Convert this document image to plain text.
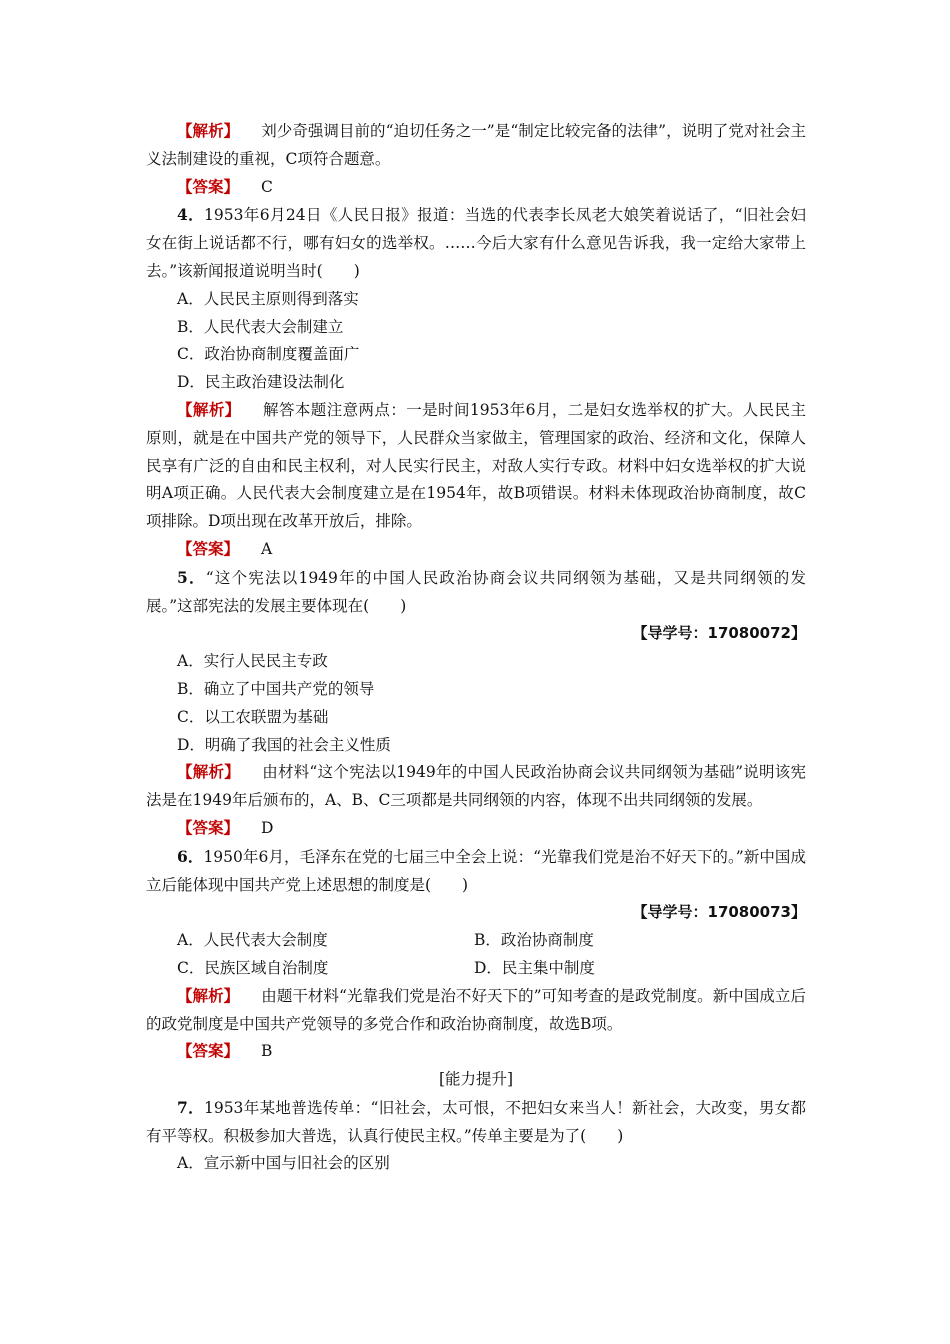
【解析】 刘少奇强调目前的“迫切任务之一”是“制定比较完备的法律”，说明了党对社会主义法制建设的重视，C项符合题意。

【答案】 C

4．1953年6月24日《人民日报》报道：当选的代表李长凤老大娘笑着说话了，“旧社会妇女在街上说话都不行，哪有妇女的选举权。……今后大家有什么意见告诉我，我一定给大家带上去。”该新闻报道说明当时(　　)

A．人民民主原则得到落实

B．人民代表大会制建立

C．政治协商制度覆盖面广

D．民主政治建设法制化

【解析】 解答本题注意两点：一是时间1953年6月，二是妇女选举权的扩大。人民民主原则，就是在中国共产党的领导下，人民群众当家做主，管理国家的政治、经济和文化，保障人民享有广泛的自由和民主权利，对人民实行民主，对敌人实行专政。材料中妇女选举权的扩大说明A项正确。人民代表大会制度建立是在1954年，故B项错误。材料未体现政治协商制度，故C项排除。D项出现在改革开放后，排除。

【答案】 A

5．“这个宪法以1949年的中国人民政治协商会议共同纲领为基础，又是共同纲领的发展。”这部宪法的发展主要体现在(　　)

【导学号：17080072】

A．实行人民民主专政

B．确立了中国共产党的领导

C．以工农联盟为基础

D．明确了我国的社会主义性质

【解析】 由材料“这个宪法以1949年的中国人民政治协商会议共同纲领为基础”说明该宪法是在1949年后颁布的，A、B、C三项都是共同纲领的内容，体现不出共同纲领的发展。

【答案】 D

6．1950年6月，毛泽东在党的七届三中全会上说：“光靠我们党是治不好天下的。”新中国成立后能体现中国共产党上述思想的制度是(　　)

【导学号：17080073】

A．人民代表大会制度	B．政治协商制度
C．民族区域自治制度	D．民主集中制度

【解析】 由题干材料“光靠我们党是治不好天下的”可知考查的是政党制度。新中国成立后的政党制度是中国共产党领导的多党合作和政治协商制度，故选B项。

【答案】 B

[能力提升]

7．1953年某地普选传单：“旧社会，太可恨，不把妇女来当人！新社会，大改变，男女都有平等权。积极参加大普选，认真行使民主权。”传单主要是为了(　　)

A．宣示新中国与旧社会的区别
